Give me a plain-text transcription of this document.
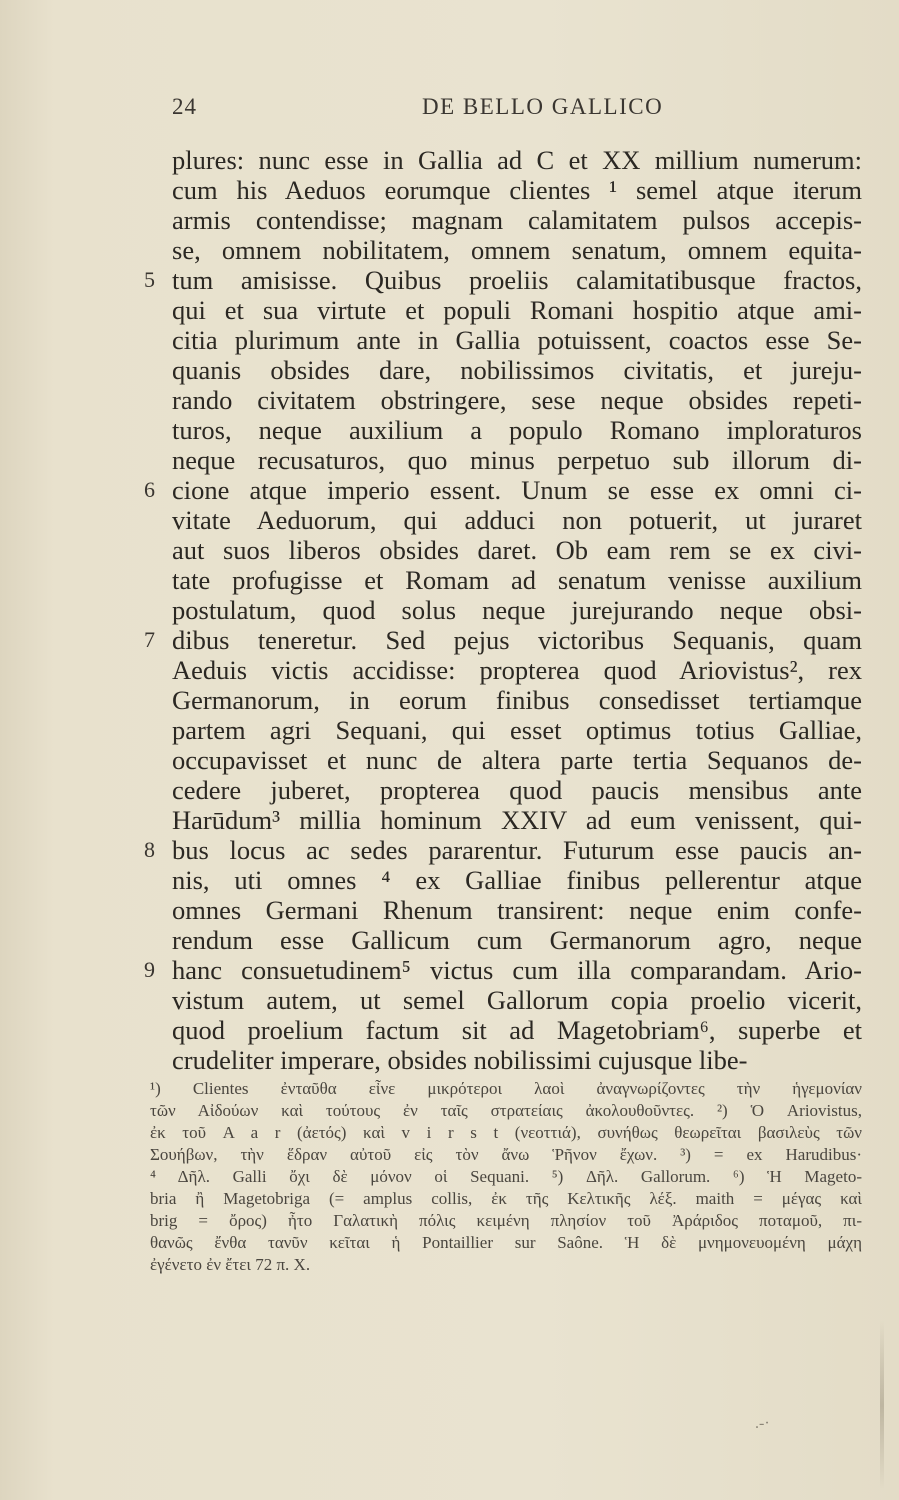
24	DE BELLO GALLICO
plures: nunc esse in Gallia ad C et XX millium numerum:
cum his Aeduos eorumque clientes ¹ semel atque iterum
armis contendisse; magnam calamitatem pulsos accepis-
se, omnem nobilitatem, omnem senatum, omnem equita-
tum amisisse. Quibus proeliis calamitatibusque fractos,
5
qui et sua virtute et populi Romani hospitio atque ami-
citia plurimum ante in Gallia potuissent, coactos esse Se-
quanis obsides dare, nobilissimos civitatis, et jureju-
rando civitatem obstringere, sese neque obsides repeti-
turos, neque auxilium a populo Romano imploraturos
neque recusaturos, quo minus perpetuo sub illorum di-
cione atque imperio essent. Unum se esse ex omni ci-
6
vitate Aeduorum, qui adduci non potuerit, ut juraret
aut suos liberos obsides daret. Ob eam rem se ex civi-
tate profugisse et Romam ad senatum venisse auxilium
postulatum, quod solus neque jurejurando neque obsi-
dibus teneretur. Sed pejus victoribus Sequanis, quam
7
Aeduis victis accidisse: propterea quod Ariovistus², rex
Germanorum, in eorum finibus consedisset tertiamque
partem agri Sequani, qui esset optimus totius Galliae,
occupavisset et nunc de altera parte tertia Sequanos de-
cedere juberet, propterea quod paucis mensibus ante
Harūdum³ millia hominum XXIV ad eum venissent, qui-
bus locus ac sedes pararentur. Futurum esse paucis an-
8
nis, uti omnes ⁴ ex Galliae finibus pellerentur atque
omnes Germani Rhenum transirent: neque enim confe-
rendum esse Gallicum cum Germanorum agro, neque
hanc consuetudinem⁵ victus cum illa comparandam. Ario-
9
vistum autem, ut semel Gallorum copia proelio vicerit,
quod proelium factum sit ad Magetobriam⁶, superbe et
crudeliter imperare, obsides nobilissimi cujusque libe-
¹) Clientes ἐνταῦθα εἶνε μικρότεροι λαοὶ ἀναγνωρίζοντες τὴν ἡγεμονίαν
τῶν Αἰδούων καὶ τούτους ἐν ταῖς στρατείαις ἀκολουθοῦντες. ²) Ὁ Ariovistus,
ἐκ τοῦ A a r (ἀετός) καὶ v i r s t (νεοττιά), συνήθως θεωρεῖται βασιλεὺς τῶν
Σουήβων, τὴν ἕδραν αὐτοῦ εἰς τὸν ἄνω Ῥῆνον ἔχων. ³) = ex Harudibus·
⁴ Δῆλ. Galli ὄχι δὲ μόνον οἱ Sequani. ⁵) Δῆλ. Gallorum. ⁶) Ἡ Mageto-
bria ἢ Magetobriga (= amplus collis, ἐκ τῆς Κελτικῆς λέξ. maith = μέγας καὶ
brig = ὄρος) ἦτο Γαλατικὴ πόλις κειμένη πλησίον τοῦ Ἀράριδος ποταμοῦ, πι-
θανῶς ἔνθα τανῦν κεῖται ἡ Pontaillier sur Saône. Ἡ δὲ μνημονευομένη μάχη
ἐγένετο ἐν ἔτει 72 π. X.
.-·
